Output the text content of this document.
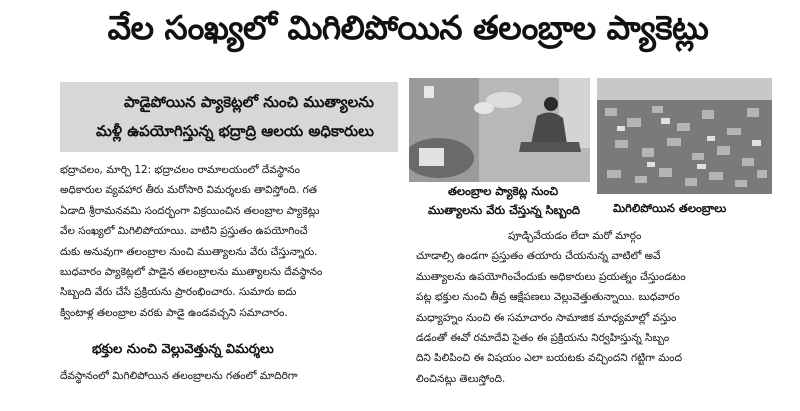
వేల సంఖ్యలో మిగిలిపోయిన తలంబ్రాల ప్యాకెట్లు
పాడైపోయిన ప్యాకెట్లలో నుంచి ముత్యాలను
మళ్లీ ఉపయోగిస్తున్న భద్రాద్రి ఆలయ అధికారులు
తలంబ్రాల ప్యాకెట్ల నుంచి
ముత్యాలను వేరు చేస్తున్న సిబ్బంది	మిగిలిపోయిన తలంబ్రాలు
భద్రాచలం, మార్చి 12: భద్రాచలం రామాలయంలో దేవస్థానం
అధికారుల వ్యవహార తీరు మరోసారి విమర్శలకు తావిస్తోంది. గత
ఏడాది శ్రీరామనవమి సందర్భంగా విక్రయించిన తలంబ్రాల ప్యాకెట్లు
వేల సంఖ్యలో మిగిలిపోయాయి. వాటిని ప్రస్తుతం ఉపయోగించే
దుకు అనువుగా తలంబ్రాల నుంచి ముత్యాలను వేరు చేస్తున్నారు.
బుధవారం ప్యాకెట్లలో పాడైన తలంబ్రాలను ముత్యాలను దేవస్థానం
సిబ్బంది వేరు చేసే ప్రక్రియను ప్రారంభించారు. సుమారు ఐదు
క్వింటాళ్ల తలంబ్రాల వరకు పాడై ఉండవచ్చని సమాచారం.
భక్తుల నుంచి వెల్లువెత్తున్న విమర్శలు
దేవస్థానంలో మిగిలిపోయిన తలంబ్రాలను గతంలో మాదిరిగా
పూడ్చివేయడం లేదా మరో మార్గం
చూడాల్సి ఉండగా ప్రస్తుతం తయారు చేయనున్న వాటిలో అవే
ముత్యాలను ఉపయోగించేందుకు అధికారులు ప్రయత్నం చేస్తుండటం
పట్ల భక్తుల నుంచి తీవ్ర ఆక్షేపణలు వెల్లువెత్తుతున్నాయి. బుధవారం
మధ్యాహ్నం నుంచి ఈ సమాచారం సామాజిక మాధ్యమాల్లో వస్తుం
డడంతో ఈవో రమాదేవి సైతం ఈ ప్రక్రియను నిర్వహిస్తున్న సిబ్బం
దిని పిలిపించి ఈ విషయం ఎలా బయటకు వచ్చిందని గట్టిగా మంద
లించినట్లు తెలుస్తోంది.
